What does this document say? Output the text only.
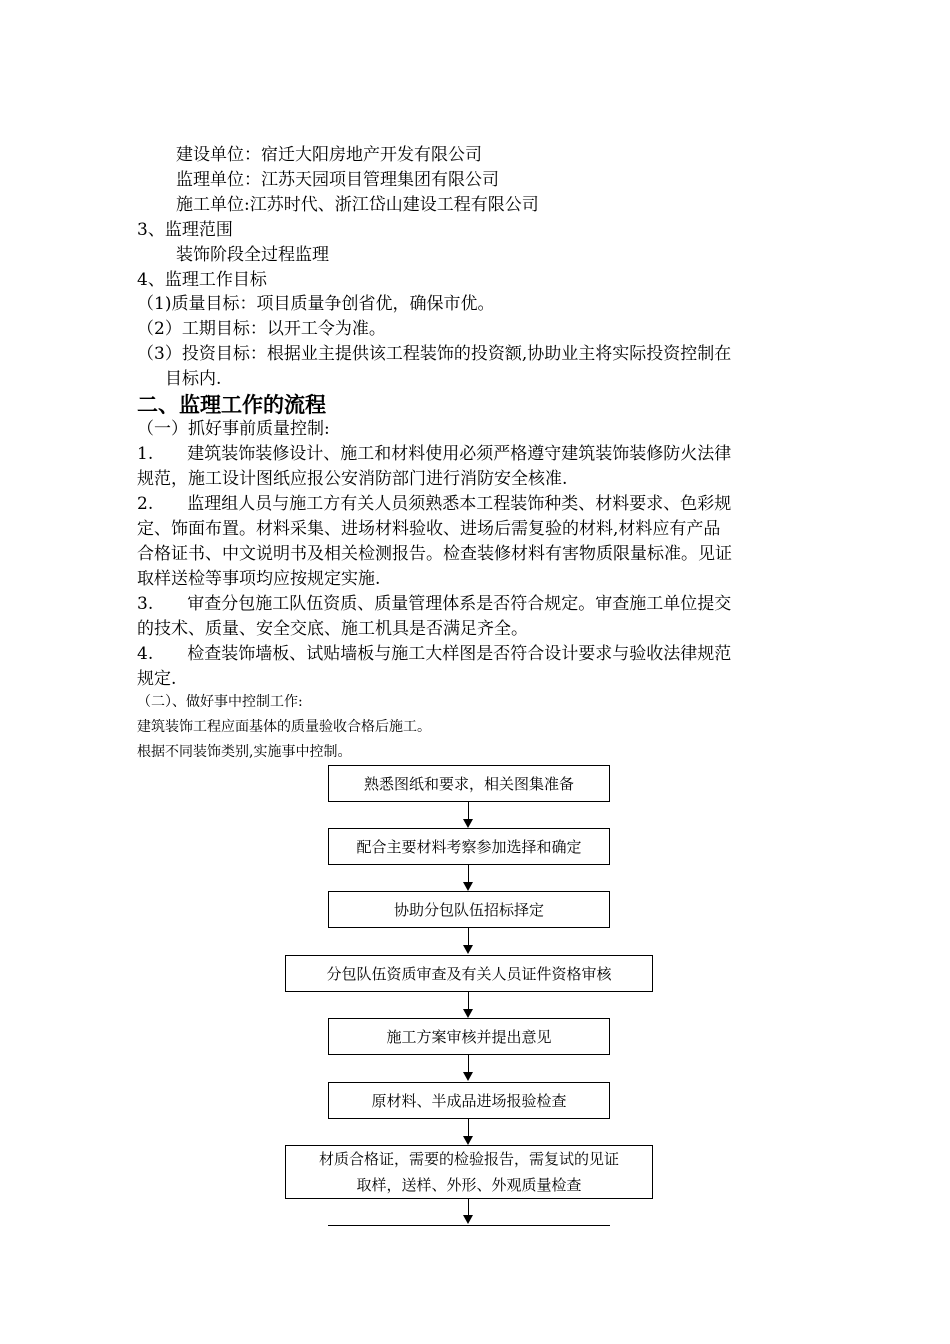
建设单位：宿迁大阳房地产开发有限公司
监理单位：江苏天园项目管理集团有限公司
施工单位:江苏时代、浙江岱山建设工程有限公司
3、监理范围
装饰阶段全过程监理
4、监理工作目标
（1)质量目标：项目质量争创省优，确保市优。
（2）工期目标：以开工令为准。
（3）投资目标：根据业主提供该工程装饰的投资额,协助业主将实际投资控制在
目标内.
二、监理工作的流程
（一）抓好事前质量控制:
1.　　建筑装饰装修设计、施工和材料使用必须严格遵守建筑装饰装修防火法律
规范，施工设计图纸应报公安消防部门进行消防安全核准.
2.　　监理组人员与施工方有关人员须熟悉本工程装饰种类、材料要求、色彩规
定、饰面布置。材料采集、进场材料验收、进场后需复验的材料,材料应有产品
合格证书、中文说明书及相关检测报告。检查装修材料有害物质限量标准。见证
取样送检等事项均应按规定实施.
3.　　审查分包施工队伍资质、质量管理体系是否符合规定。审查施工单位提交
的技术、质量、安全交底、施工机具是否满足齐全。
4.　　检查装饰墙板、试贴墙板与施工大样图是否符合设计要求与验收法律规范
规定.
（二）、做好事中控制工作:
建筑装饰工程应面基体的质量验收合格后施工。
根据不同装饰类别,实施事中控制。
熟悉图纸和要求，相关图集准备
配合主要材料考察参加选择和确定
协助分包队伍招标择定
分包队伍资质审查及有关人员证件资格审核
施工方案审核并提出意见
原材料、半成品进场报验检查
材质合格证，需要的检验报告，需复试的见证
取样，送样、外形、外观质量检查
